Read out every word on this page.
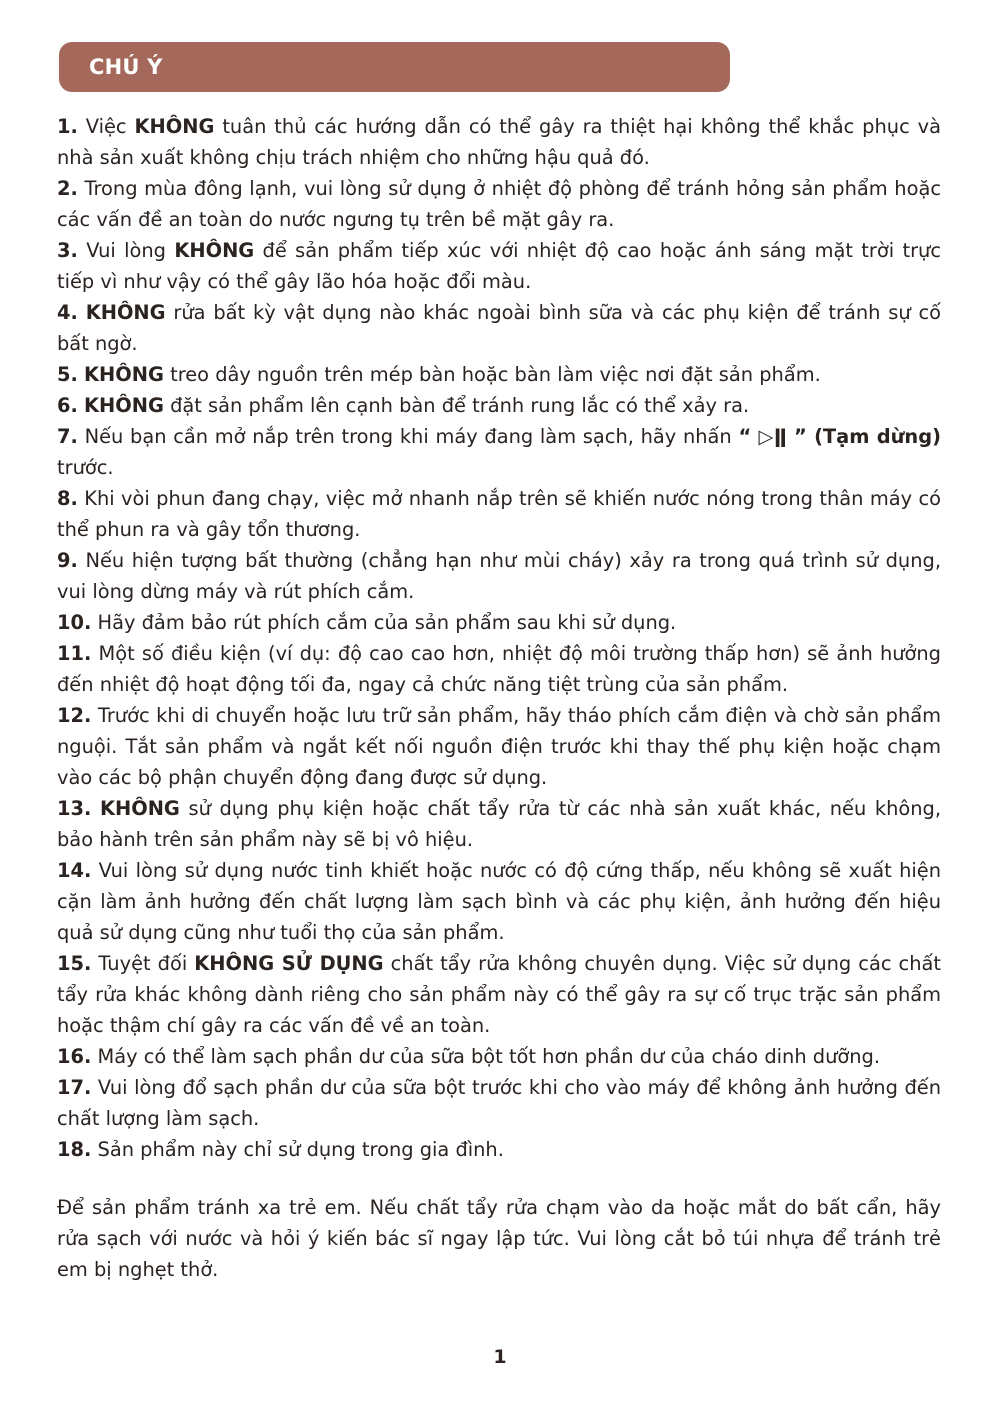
CHÚ Ý
1. Việc KHÔNG tuân thủ các hướng dẫn có thể gây ra thiệt hại không thể khắc phục và nhà sản xuất không chịu trách nhiệm cho những hậu quả đó.
2. Trong mùa đông lạnh, vui lòng sử dụng ở nhiệt độ phòng để tránh hỏng sản phẩm hoặc các vấn đề an toàn do nước ngưng tụ trên bề mặt gây ra.
3. Vui lòng KHÔNG để sản phẩm tiếp xúc với nhiệt độ cao hoặc ánh sáng mặt trời trực tiếp vì như vậy có thể gây lão hóa hoặc đổi màu.
4. KHÔNG rửa bất kỳ vật dụng nào khác ngoài bình sữa và các phụ kiện để tránh sự cố bất ngờ.
5. KHÔNG treo dây nguồn trên mép bàn hoặc bàn làm việc nơi đặt sản phẩm.
6. KHÔNG đặt sản phẩm lên cạnh bàn để tránh rung lắc có thể xảy ra.
7. Nếu bạn cần mở nắp trên trong khi máy đang làm sạch, hãy nhấn “ ▷ǁ ” (Tạm dừng) trước.
8. Khi vòi phun đang chạy, việc mở nhanh nắp trên sẽ khiến nước nóng trong thân máy có thể phun ra và gây tổn thương.
9. Nếu hiện tượng bất thường (chẳng hạn như mùi cháy) xảy ra trong quá trình sử dụng, vui lòng dừng máy và rút phích cắm.
10. Hãy đảm bảo rút phích cắm của sản phẩm sau khi sử dụng.
11. Một số điều kiện (ví dụ: độ cao cao hơn, nhiệt độ môi trường thấp hơn) sẽ ảnh hưởng đến nhiệt độ hoạt động tối đa, ngay cả chức năng tiệt trùng của sản phẩm.
12. Trước khi di chuyển hoặc lưu trữ sản phẩm, hãy tháo phích cắm điện và chờ sản phẩm nguội. Tắt sản phẩm và ngắt kết nối nguồn điện trước khi thay thế phụ kiện hoặc chạm vào các bộ phận chuyển động đang được sử dụng.
13. KHÔNG sử dụng phụ kiện hoặc chất tẩy rửa từ các nhà sản xuất khác, nếu không, bảo hành trên sản phẩm này sẽ bị vô hiệu.
14. Vui lòng sử dụng nước tinh khiết hoặc nước có độ cứng thấp, nếu không sẽ xuất hiện cặn làm ảnh hưởng đến chất lượng làm sạch bình và các phụ kiện, ảnh hưởng đến hiệu quả sử dụng cũng như tuổi thọ của sản phẩm.
15. Tuyệt đối KHÔNG SỬ DỤNG chất tẩy rửa không chuyên dụng. Việc sử dụng các chất tẩy rửa khác không dành riêng cho sản phẩm này có thể gây ra sự cố trục trặc sản phẩm hoặc thậm chí gây ra các vấn đề về an toàn.
16. Máy có thể làm sạch phần dư của sữa bột tốt hơn phần dư của cháo dinh dưỡng.
17. Vui lòng đổ sạch phần dư của sữa bột trước khi cho vào máy để không ảnh hưởng đến chất lượng làm sạch.
18. Sản phẩm này chỉ sử dụng trong gia đình.

Để sản phẩm tránh xa trẻ em. Nếu chất tẩy rửa chạm vào da hoặc mắt do bất cẩn, hãy rửa sạch với nước và hỏi ý kiến bác sĩ ngay lập tức. Vui lòng cắt bỏ túi nhựa để tránh trẻ em bị nghẹt thở.

1
